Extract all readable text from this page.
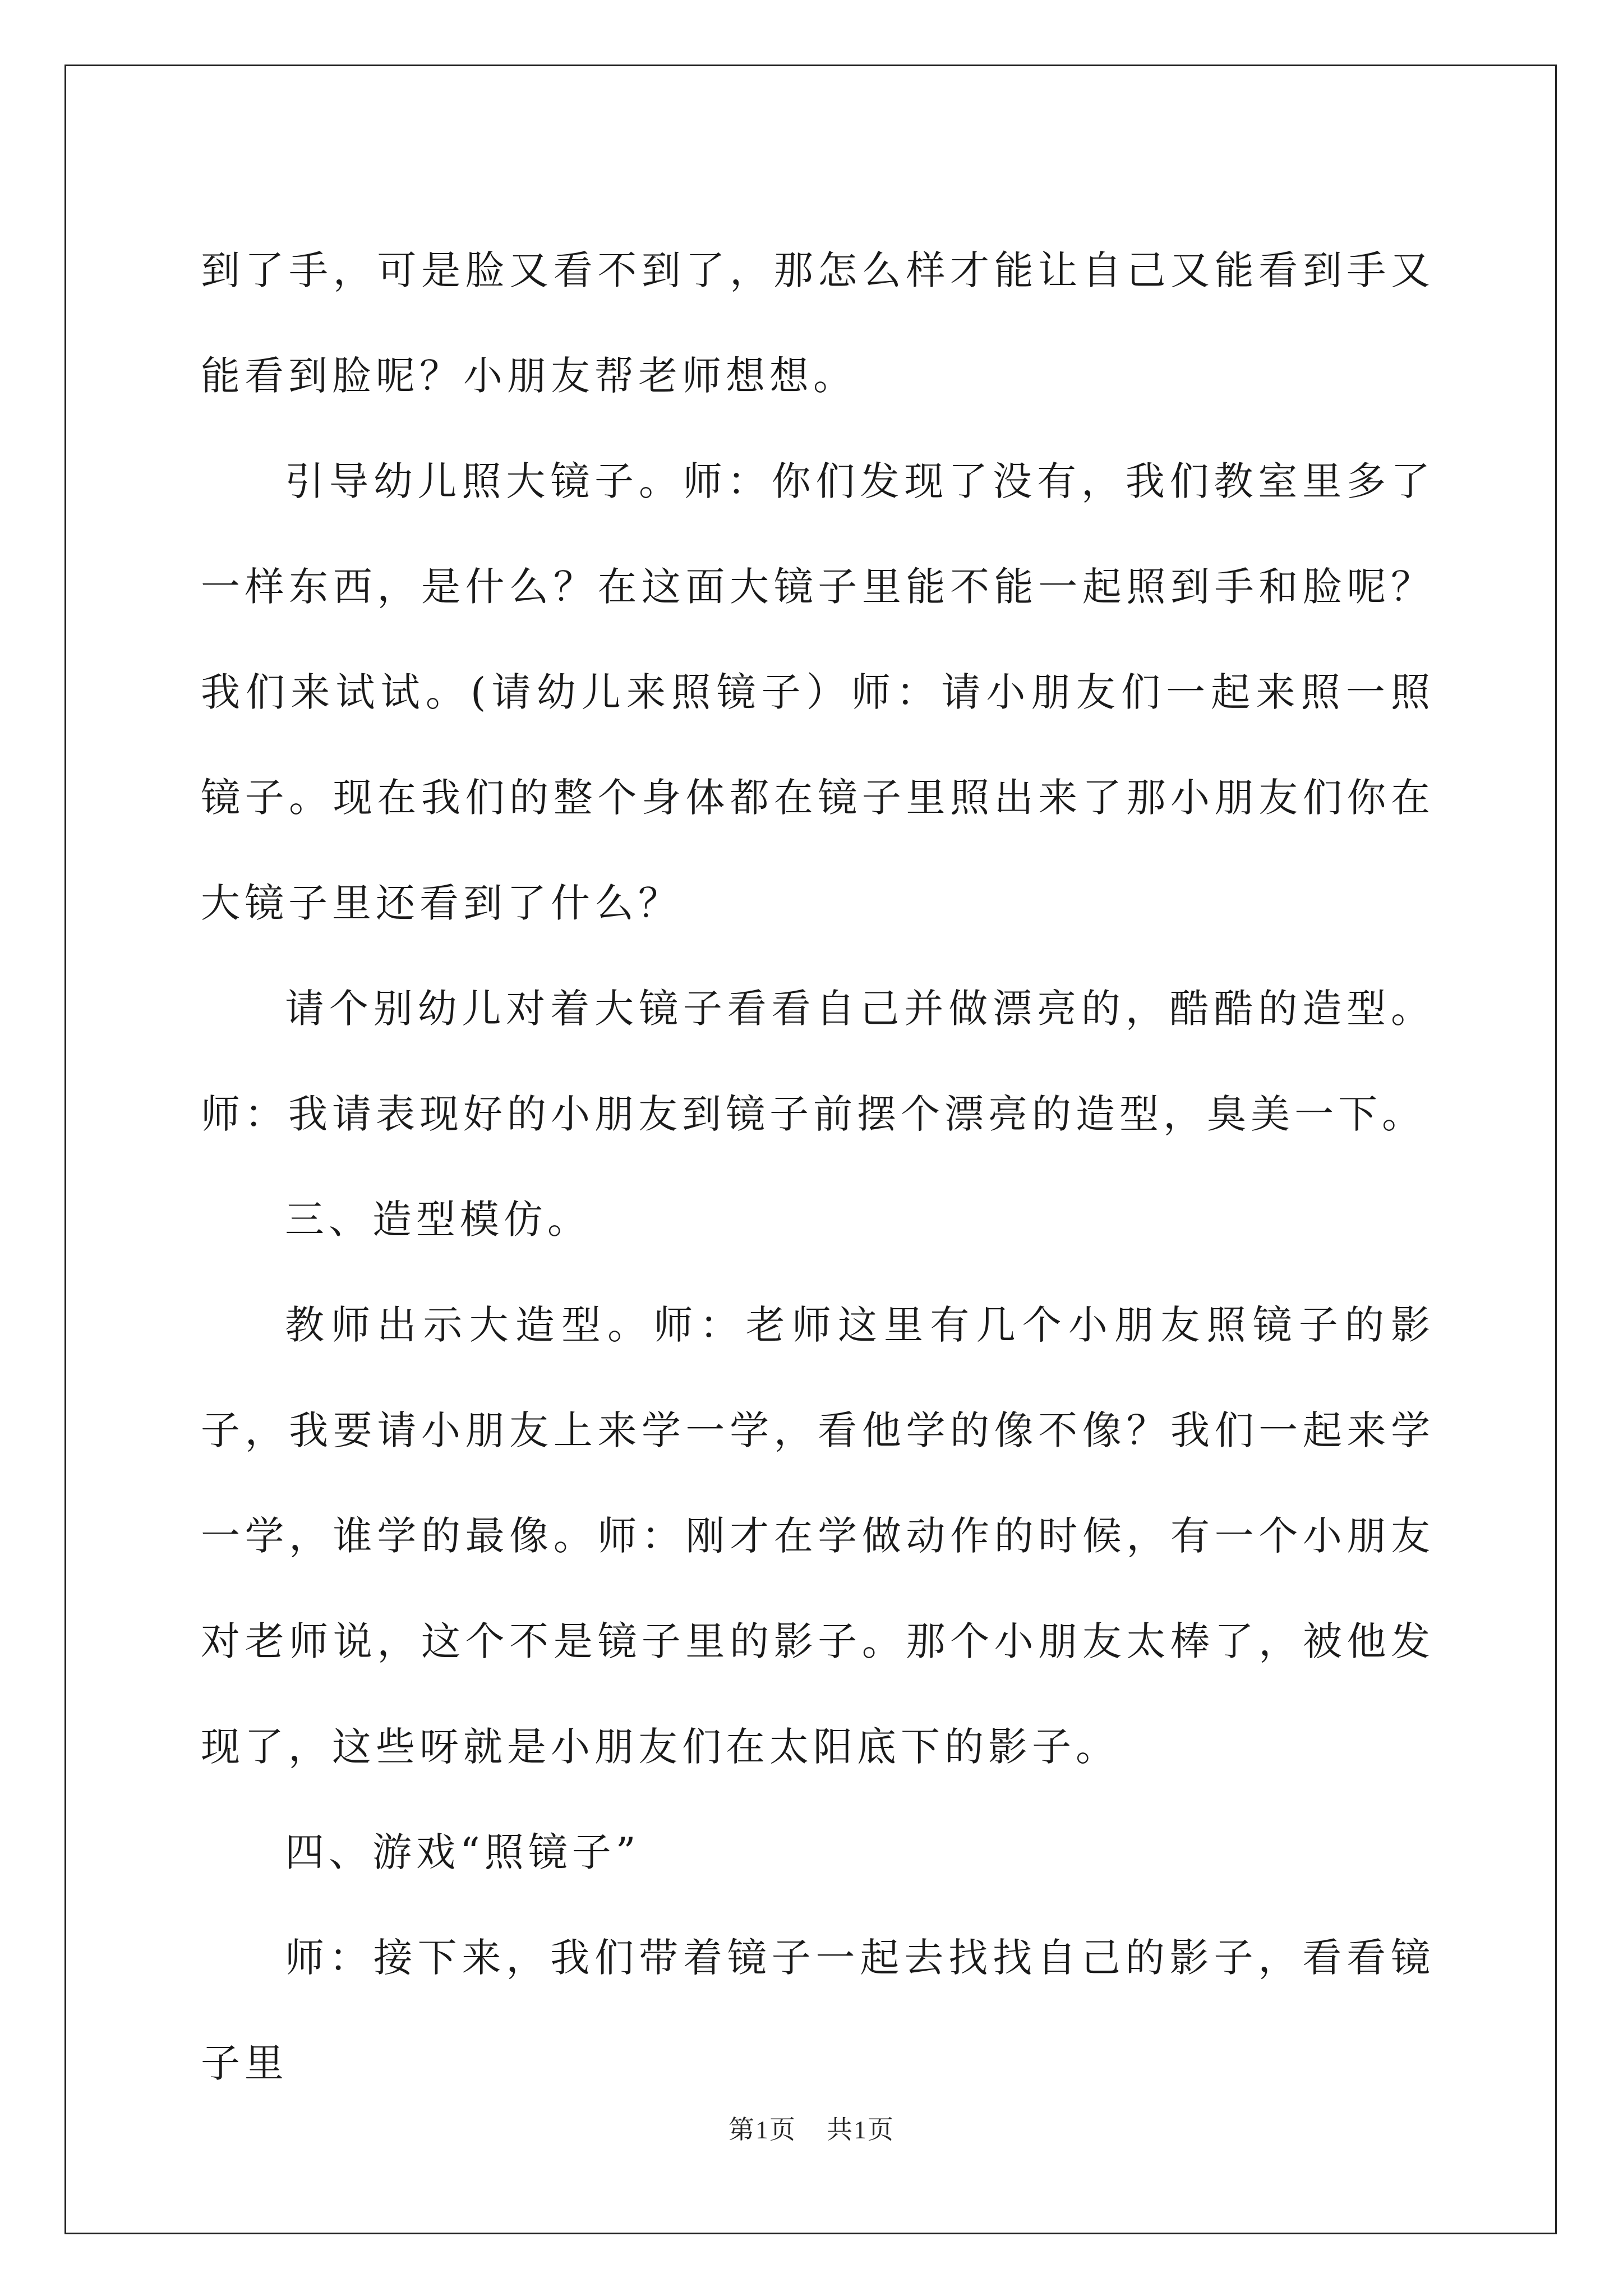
到了手，可是脸又看不到了，那怎么样才能让自己又能看到手又能看到脸呢？小朋友帮老师想想。

引导幼儿照大镜子。师：你们发现了没有，我们教室里多了一样东西，是什么？在这面大镜子里能不能一起照到手和脸呢？我们来试试。(请幼儿来照镜子）师：请小朋友们一起来照一照镜子。现在我们的整个身体都在镜子里照出来了那小朋友们你在大镜子里还看到了什么？

请个别幼儿对着大镜子看看自己并做漂亮的，酷酷的造型。师：我请表现好的小朋友到镜子前摆个漂亮的造型，臭美一下。

三、造型模仿。

教师出示大造型。师：老师这里有几个小朋友照镜子的影子，我要请小朋友上来学一学，看他学的像不像？我们一起来学一学，谁学的最像。师：刚才在学做动作的时候，有一个小朋友对老师说，这个不是镜子里的影子。那个小朋友太棒了，被他发现了，这些呀就是小朋友们在太阳底下的影子。

四、游戏“照镜子”

师：接下来，我们带着镜子一起去找找自己的影子，看看镜子里

第1页 共1页
